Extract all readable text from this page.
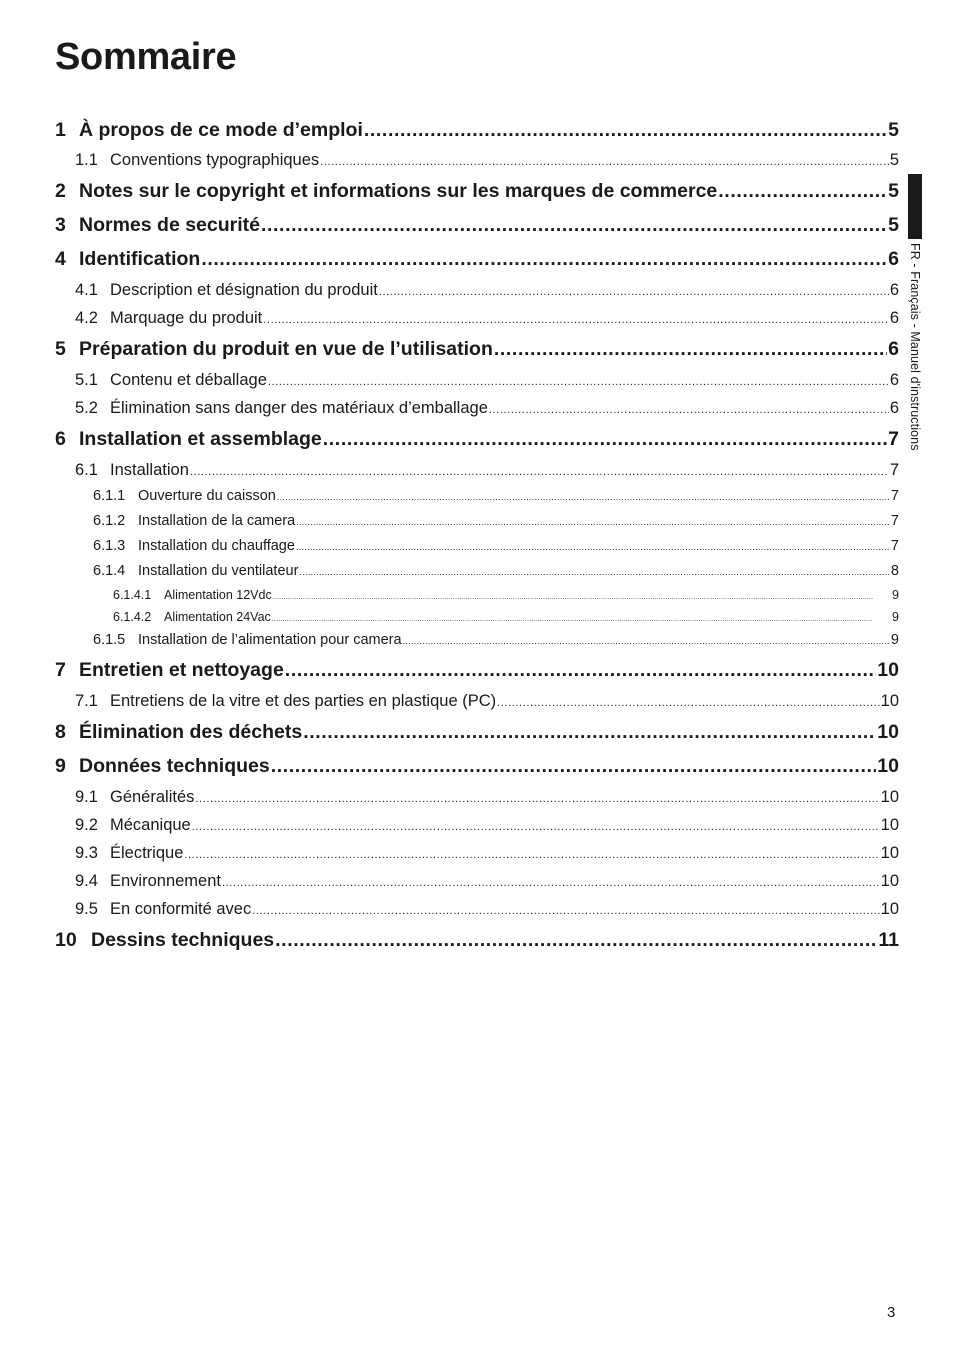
Sommaire
1 À propos de ce mode d’emploi .....	5
1.1 Conventions typographiques .....	5
2 Notes sur le copyright et informations sur les marques de commerce .....	5
3 Normes de securité .....	5
4 Identification .....	6
4.1 Description et désignation du produit .....	6
4.2 Marquage du produit .....	6
5 Préparation du produit en vue de l’utilisation .....	6
5.1 Contenu et déballage .....	6
5.2 Élimination sans danger des matériaux d’emballage .....	6
6 Installation et assemblage .....	7
6.1 Installation .....	7
6.1.1 Ouverture du caisson .....	7
6.1.2 Installation de la camera .....	7
6.1.3 Installation du chauffage .....	7
6.1.4 Installation du ventilateur .....	8
6.1.4.1	Alimentation 12Vdc .....	9
6.1.4.2	Alimentation 24Vac .....	9
6.1.5 Installation de l’alimentation pour camera .....	9
7 Entretien et nettoyage .....	10
7.1 Entretiens de la vitre et des parties en plastique (PC) .....	10
8 Élimination des déchets .....	10
9 Données techniques .....	10
9.1 Généralités .....	10
9.2 Mécanique .....	10
9.3 Électrique .....	10
9.4 Environnement .....	10
9.5 En conformité avec .....	10
10 Dessins techniques .....	11
FR - Français - Manuel d'instructions
3
